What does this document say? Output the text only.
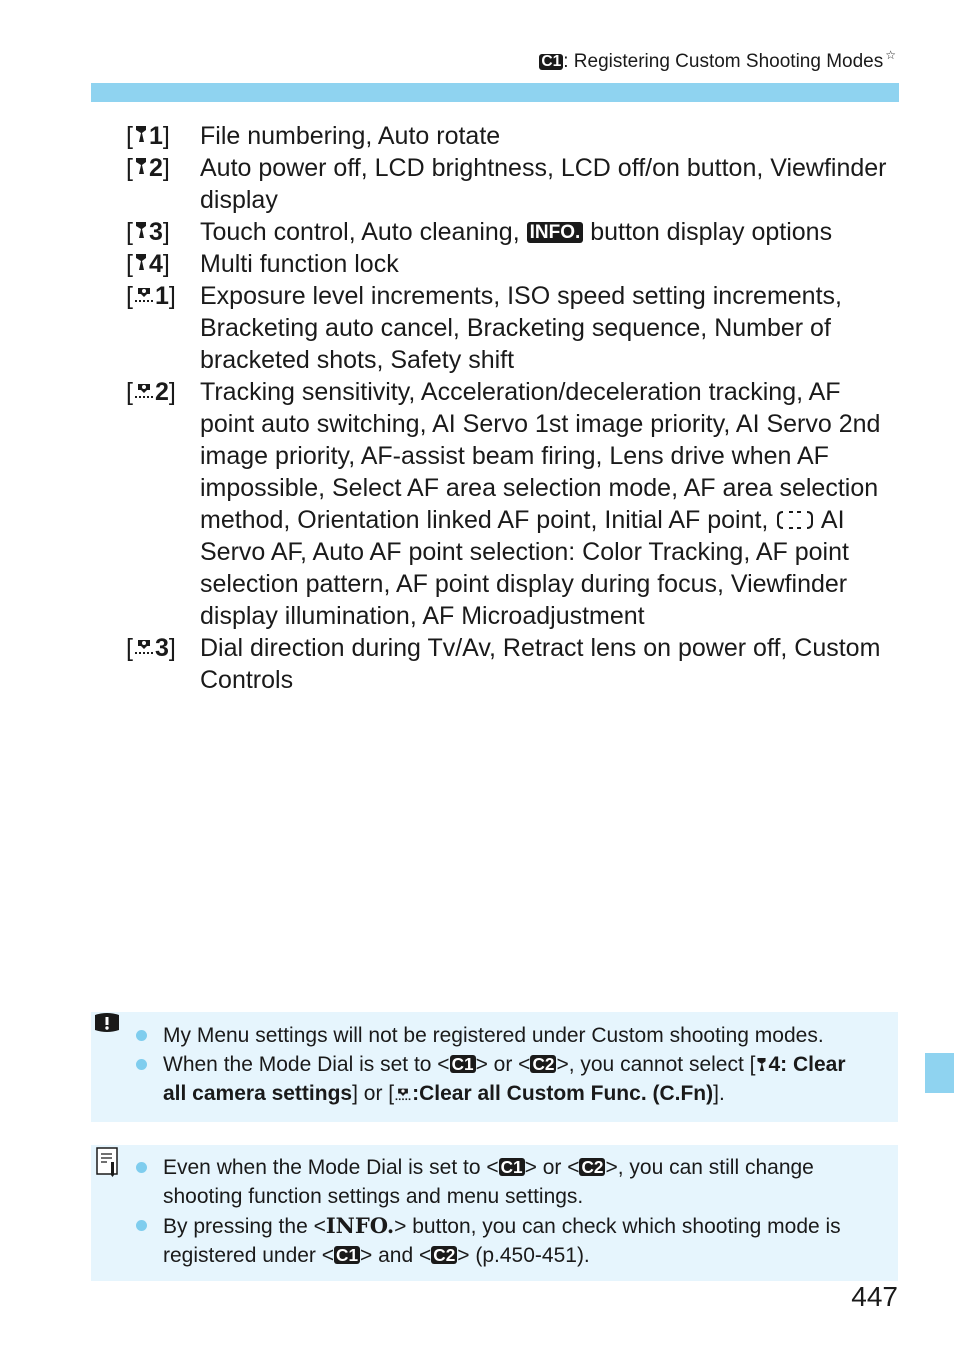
C1 : Registering Custom Shooting Modes ☆
[ 1]	File numbering, Auto rotate
[ 2]	Auto power off, LCD brightness, LCD off/on button, Viewfinder display
[ 3]	Touch control, Auto cleaning, INFO. button display options
[ 4]	Multi function lock
[ 1] Exposure level increments, ISO speed setting increments, Bracketing auto cancel, Bracketing sequence, Number of bracketed shots, Safety shift
[ 2] Tracking sensitivity, Acceleration/deceleration tracking, AF point auto switching, AI Servo 1st image priority, AI Servo 2nd image priority, AF-assist beam firing, Lens drive when AF impossible, Select AF area selection mode, AF area selection method, Orientation linked AF point, Initial AF point, AI Servo AF, Auto AF point selection: Color Tracking, AF point selection pattern, AF point display during focus, Viewfinder display illumination, AF Microadjustment
[ 3] Dial direction during Tv/Av, Retract lens on power off, Custom Controls
My Menu settings will not be registered under Custom shooting modes.
When the Mode Dial is set to < C1> or < C2>, you cannot select [ 4: Clear all camera settings] or [ :Clear all Custom Func. (C.Fn)].
Even when the Mode Dial is set to < C1> or < C2>, you can still change shooting function settings and menu settings.
By pressing the <INFO.> button, you can check which shooting mode is registered under < C1> and < C2> (p.450-451).
447
